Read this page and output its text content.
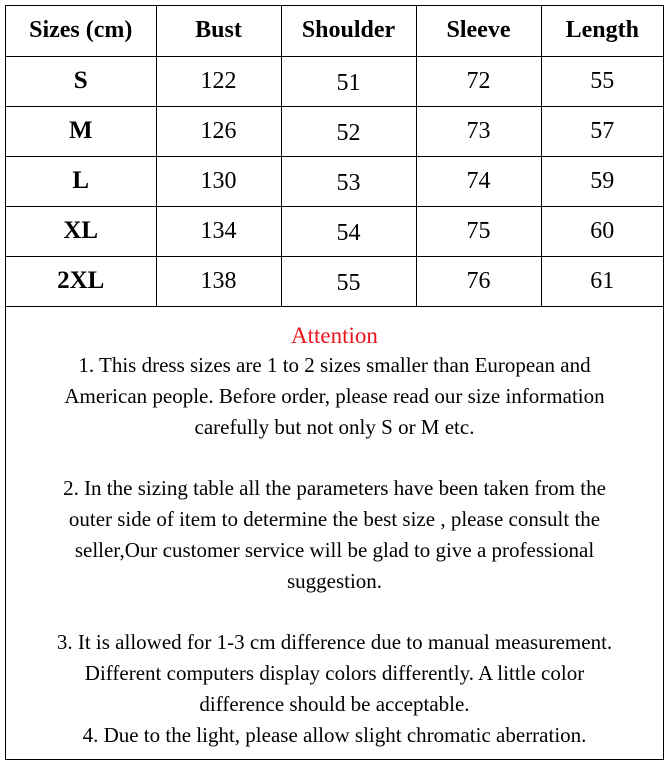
Sizes (cm)	Bust	Shoulder	Sleeve	Length
S	122	51	72	55
M	126	52	73	57
L	130	53	74	59
XL	134	54	75	60
2XL	138	55	76	61
Attention
1. This dress sizes are 1 to 2 sizes smaller than European and
American people. Before order, please read our size information
carefully but not only S or M etc.
2. In the sizing table all the parameters have been taken from the
outer side of item to determine the best size , please consult the
seller,Our customer service will be glad to give a professional
suggestion.
3. It is allowed for 1-3 cm difference due to manual measurement.
Different computers display colors differently. A little color
difference should be acceptable.
4. Due to the light, please allow slight chromatic aberration.
